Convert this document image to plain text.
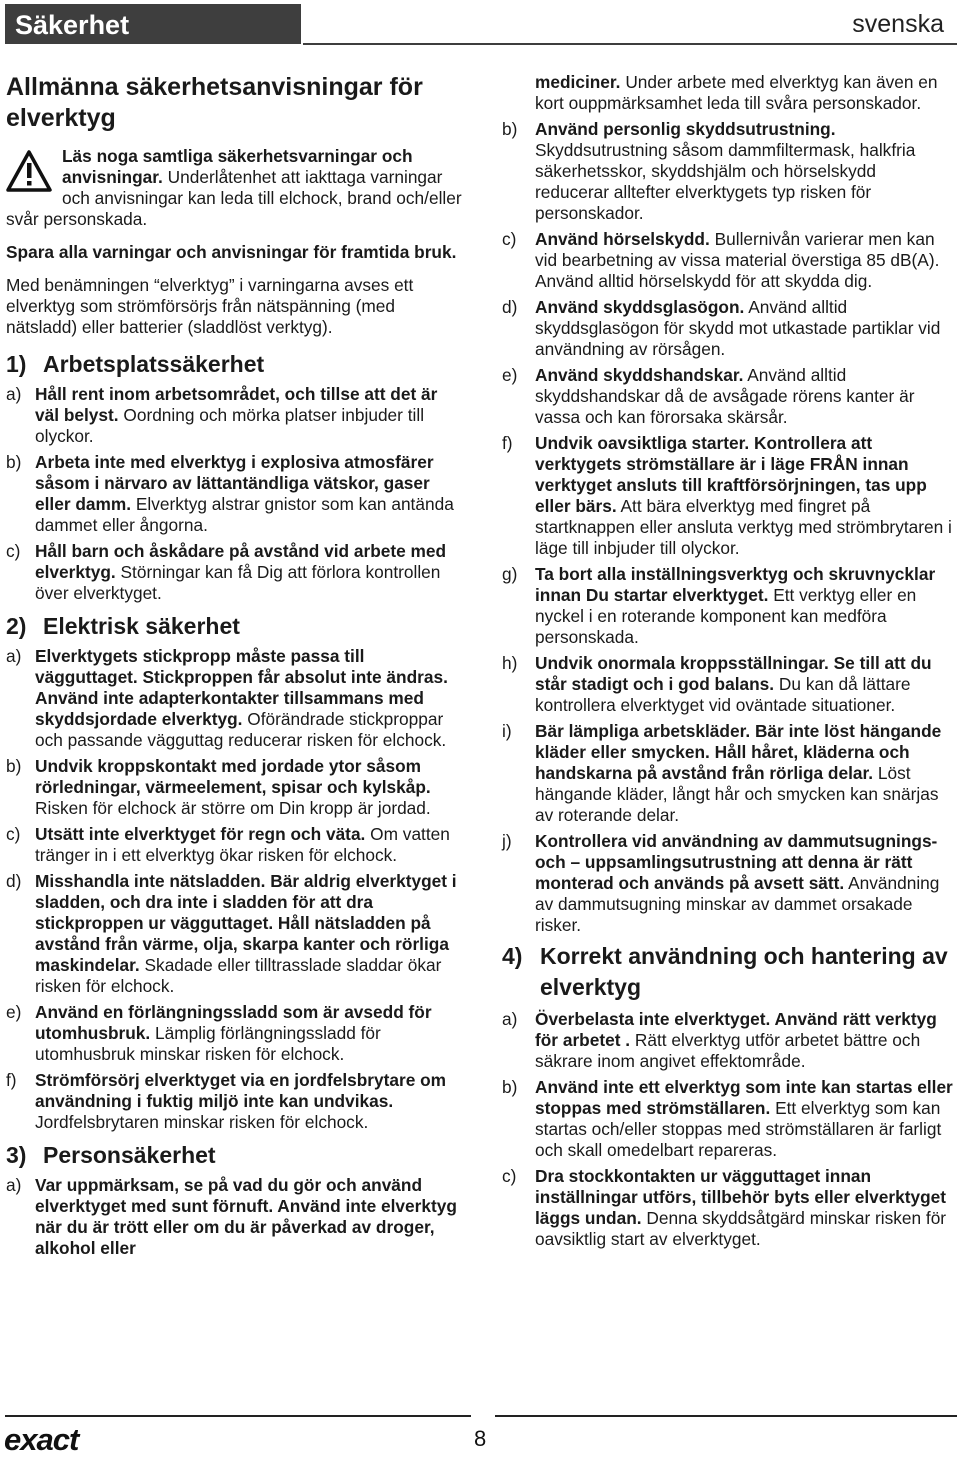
Säkerhet	svenska
Allmänna säkerhetsanvisningar för elverktyg
Läs noga samtliga säkerhetsvarningar och anvisningar. Underlåtenhet att iakttaga varningar och anvisningar kan leda till elchock, brand och/eller svår personskada.

Spara alla varningar och anvisningar för framtida bruk.

Med benämningen “elverktyg” i varningarna avses ett elverktyg som strömförsörjs från nätspänning (med nätsladd) eller batterier (sladdlöst verktyg).

1) Arbetsplatssäkerhet
a) Håll rent inom arbetsområdet, och tillse att det är väl belyst. Oordning och mörka platser inbjuder till olyckor.
b) Arbeta inte med elverktyg i explosiva atmosfärer såsom i närvaro av lättantändliga vätskor, gaser eller damm. Elverktyg alstrar gnistor som kan antända dammet eller ångorna.
c) Håll barn och åskådare på avstånd vid arbete med elverktyg. Störningar kan få Dig att förlora kontrollen över elverktyget.
2) Elektrisk säkerhet
a) Elverktygets stickpropp måste passa till vägguttaget. Stickproppen får absolut inte ändras. Använd inte adapterkontakter tillsammans med skyddsjordade elverktyg. Oförändrade stickproppar och passande vägguttag reducerar risken för elchock.
b) Undvik kroppskontakt med jordade ytor såsom rörledningar, värmeelement, spisar och kylskåp. Risken för elchock är större om Din kropp är jordad.
c) Utsätt inte elverktyget för regn och väta. Om vatten tränger in i ett elverktyg ökar risken för elchock.
d) Misshandla inte nätsladden. Bär aldrig elverktyget i sladden, och dra inte i sladden för att dra stickproppen ur vägguttaget. Håll nätsladden på avstånd från värme, olja, skarpa kanter och rörliga maskindelar. Skadade eller tilltrasslade sladdar ökar risken för elchock.
e) Använd en förlängningssladd som är avsedd för utomhusbruk. Lämplig förlängningssladd för utomhusbruk minskar risken för elchock.
f) Strömförsörj elverktyget via en jordfelsbrytare om användning i fuktig miljö inte kan undvikas. Jordfelsbrytaren minskar risken för elchock.
3) Personsäkerhet
a) Var uppmärksam, se på vad du gör och använd elverktyget med sunt förnuft. Använd inte elverktyg när du är trött eller om du är påverkad av droger, alkohol eller
mediciner. Under arbete med elverktyg kan även en kort ouppmärksamhet leda till svåra personskador.
b) Använd personlig skyddsutrustning. Skyddsutrustning såsom dammfiltermask, halkfria säkerhetsskor, skyddshjälm och hörselskydd reducerar alltefter elverktygets typ risken för personskador.
c) Använd hörselskydd. Bullernivån varierar men kan vid bearbetning av vissa material överstiga 85 dB(A). Använd alltid hörselskydd för att skydda dig.
d) Använd skyddsglasögon. Använd alltid skyddsglasögon för skydd mot utkastade partiklar vid användning av rörsågen.
e) Använd skyddshandskar. Använd alltid skyddshandskar då de avsågade rörens kanter är vassa och kan förorsaka skärsår.
f) Undvik oavsiktliga starter. Kontrollera att verktygets strömställare är i läge FRÅN innan verktyget ansluts till kraftförsörjningen, tas upp eller bärs. Att bära elverktyg med fingret på startknappen eller ansluta verktyg med strömbrytaren i läge till inbjuder till olyckor.
g) Ta bort alla inställningsverktyg och skruvnycklar innan Du startar elverktyget. Ett verktyg eller en nyckel i en roterande komponent kan medföra personskada.
h) Undvik onormala kroppsställningar. Se till att du står stadigt och i god balans. Du kan då lättare kontrollera elverktyget vid oväntade situationer.
i) Bär lämpliga arbetskläder. Bär inte löst hängande kläder eller smycken. Håll håret, kläderna och handskarna på avstånd från rörliga delar. Löst hängande kläder, långt hår och smycken kan snärjas av roterande delar.
j) Kontrollera vid användning av dammutsugnings- och – uppsamlingsutrustning att denna är rätt monterad och används på avsett sätt. Användning av dammutsugning minskar av dammet orsakade risker.
4) Korrekt användning och hantering av elverktyg
a) Överbelasta inte elverktyget. Använd rätt verktyg för arbetet . Rätt elverktyg utför arbetet bättre och säkrare inom angivet effektområde.
b) Använd inte ett elverktyg som inte kan startas eller stoppas med strömställaren. Ett elverktyg som kan startas och/eller stoppas med strömställaren är farligt och skall omedelbart repareras.
c) Dra stockkontakten ur vägguttaget innan inställningar utförs, tillbehör byts eller elverktyget läggs undan. Denna skyddsåtgärd minskar risken för oavsiktlig start av elverktyget.
exact	8
